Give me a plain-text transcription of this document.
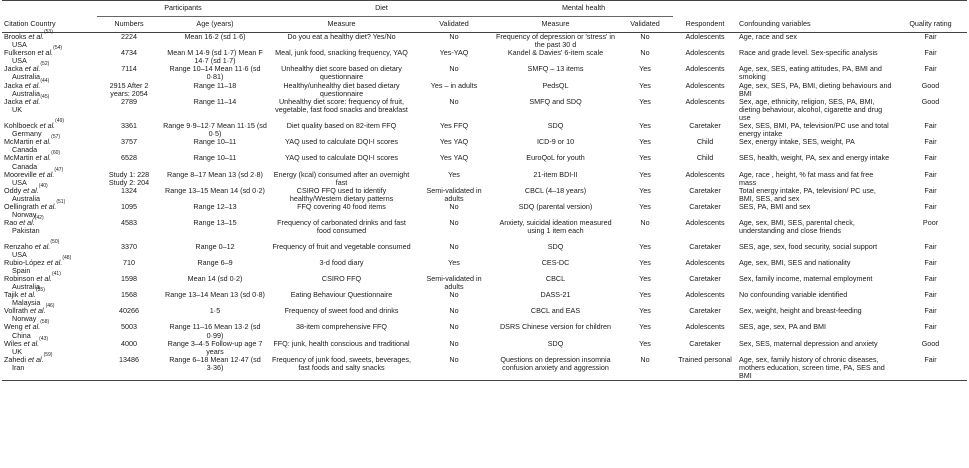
	Participants		Diet		Mental health				
Citation Country	Numbers	Age (years)	Measure	Validated	Measure	Validated	Respondent	Confounding variables	Quality rating
Brooks et al.$^{(53)}$
USA	2224	Mean 16·2 (sd 1·6)	Do you eat a healthy diet? Yes/No	No	Frequency of depression or 'stress' in the past 30 d	No	Adolescents	Age, race and sex	Fair
Fulkerson et al.$^{(54)}$
USA	4734	Mean M 14·9 (sd 1·7) Mean F 14·7 (sd 1·7)	Meal, junk food, snacking frequency, YAQ	Yes-YAQ	Kandel & Davies' 6-item scale	No	Adolescents	Race and grade level. Sex-specific analysis	Fair
Jacka et al.$^{(52)}$
Australia	7114	Range 10–14 Mean 11·6 (sd 0·81)	Unhealthy diet score based on dietary questionnaire	No	SMFQ – 13 items	Yes	Adolescents	Age, sex, SES, eating attitudes, PA, BMI and smoking	Fair
Jacka et al.$^{(44)}$
Australia	2915 After 2 years: 2054	Range 11–18	Healthy/unhealthy diet based dietary questionnaire	Yes – in adults	PedsQL	Yes	Adolescents	Age, sex, SES, PA, BMI, dieting behaviours and BMI	Good
Jacka et al.$^{(45)}$
UK	2789	Range 11–14	Unhealthy diet score: frequency of fruit, vegetable, fast food snacks and breakfast	No	SMFQ and SDQ	Yes	Adolescents	Sex, age, ethnicity, religion, SES, PA, BMI, dieting behaviour, alcohol, cigarette and drug use	Good
Kohlboeck et al.$^{(49)}$
Germany	3361	Range 9·9–12·7 Mean 11·15 (sd 0·5)	Diet quality based on 82-item FFQ	Yes FFQ	SDQ	Yes	Caretaker	Sex, SES, BMI, PA, television/PC use and total energy intake	Fair
McMartin et al.$^{(57)}$
Canada	3757	Range 10–11	YAQ used to calculate DQI-I scores	Yes YAQ	ICD-9 or 10	Yes	Child	Sex, energy intake, SES, weight, PA	Fair
McMartin et al.$^{(60)}$
Canada	6528	Range 10–11	YAQ used to calculate DQI-I scores	Yes YAQ	EuroQoL for youth	Yes	Child	SES, health, weight, PA, sex and energy intake	Fair
Mooreville et al.$^{(47)}$
USA	Study 1: 228 Study 2: 204	Range 8–17 Mean 13 (sd 2·8)	Energy (kcal) consumed after an overnight fast	Yes	21-item BDI-II	Yes	Adolescents	Age, race , height, % fat mass and fat free mass	Fair
Oddy et al.$^{(40)}$
Australia	1324	Range 13–15 Mean 14 (sd 0·2)	CSIRO FFQ used to identify healthy/Western dietary patterns	Semi-validated in adults	CBCL (4–18 years)	Yes	Caretaker	Total energy intake, PA, television/ PC use, BMI, SES, and sex	Fair
Oellingrath et al.$^{(51)}$
Norway	1095	Range 12–13	FFQ covering 40 food items	No	SDQ (parental version)	Yes	Caretaker	SES, PA, BMI and sex	Fair
Rao et al.$^{(42)}$
Pakistan	4583	Range 13–15	Frequency of carbonated drinks and fast food consumed	No	Anxiety, suicidal ideation measured using 1 item each	No	Adolescents	Age, sex, BMI, SES, parental check, understanding and close friends	Poor
Renzaho et al.$^{(50)}$
USA	3370	Range 0–12	Frequency of fruit and vegetable consumed	No	SDQ	Yes	Caretaker	SES, age, sex, food security, social support	Fair
Rubio-López et al.$^{(48)}$
Spain	710	Range 6–9	3-d food diary	Yes	CES-DC	Yes	Adolescents	Age, sex, BMI, SES and nationality	Fair
Robinson et al.$^{(41)}$
Australia	1598	Mean 14 (sd 0·2)	CSIRO FFQ	Semi-validated in adults	CBCL	Yes	Caretaker	Sex, family income, maternal employment	Fair
Tajik et al.$^{(55)}$
Malaysia	1568	Range 13–14 Mean 13 (sd 0·8)	Eating Behaviour Questionnaire	No	DASS-21	Yes	Adolescents	No confounding variable identified	Fair
Vollrath et al.$^{(46)}$
Norway	40266	1·5	Frequency of sweet food and drinks	No	CBCL and EAS	Yes	Caretaker	Sex, weight, height and breast-feeding	Fair
Weng et al.$^{(58)}$
China	5003	Range 11–16 Mean 13·2 (sd 0·99)	38-item comprehensive FFQ	No	DSRS Chinese version for children	Yes	Adolescents	SES, age, sex, PA and BMI	Fair
Wiles et al.$^{(43)}$
UK	4000	Range 3–4·5 Follow-up age 7 years	FFQ: junk, health conscious and traditional	No	SDQ	Yes	Caretaker	Sex, SES, maternal depression and anxiety	Good
Zahedi et al.$^{(59)}$
Iran	13486	Range 6–18 Mean 12·47 (sd 3·36)	Frequency of junk food, sweets, beverages, fast foods and salty snacks	No	Questions on depression insomnia confusion anxiety and aggression	No	Trained personal	Age, sex, family history of chronic diseases, mothers education, screen time, PA, SES and BMI	Fair
